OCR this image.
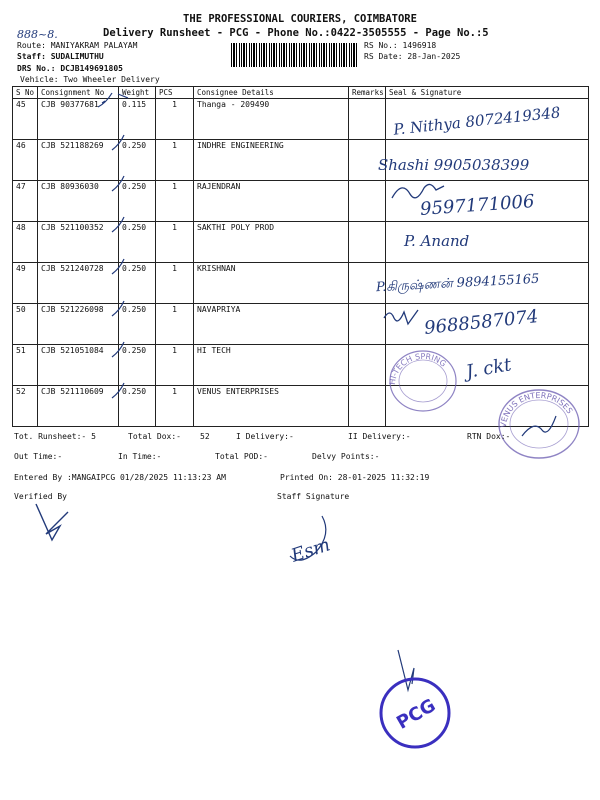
THE PROFESSIONAL COURIERS, COIMBATORE
888~8.	Delivery Runsheet - PCG - Phone No.:0422-3505555 - Page No.:5
Route: MANIYAKRAM PALAYAM
Staff: SUDALIMUTHU
DRS No.: DCJB149691805
Vehicle: Two Wheeler Delivery
RS No.: 1496918
RS Date: 28-Jan-2025
S No	Consignment No	Weight	PCS	Consignee Details	Remarks	Seal & Signature
45	CJB 90377681	0.115	1	Thanga - 209490		
46	CJB 521188269	0.250	1	INDHRE ENGINEERING		
47	CJB 80936030	0.250	1	RAJENDRAN		
48	CJB 521100352	0.250	1	SAKTHI POLY PROD		
49	CJB 521240728	0.250	1	KRISHNAN		
50	CJB 521226098	0.250	1	NAVAPRIYA		
51	CJB 521051084	0.250	1	HI TECH		
52	CJB 521110609	0.250	1	VENUS ENTERPRISES		
P. Nithya 8072419348
Shashi 9905038399
9597171006
P. Anand
P.கிருஷ்ணன் 9894155165
9688587074
J. ckt
HI-TECH SPRING
VENUS ENTERPRISES
Tot. Runsheet:- 5	Total Dox:- 52	I Delivery:-	II Delivery:-	RTN Dox:-
Out Time:-	In Time:-	Total POD:-	Delvy Points:-
Entered By :MANGAIPCG 01/28/2025 11:13:23 AM	Printed On: 28-01-2025 11:32:19
Verified By	Staff Signature
Esm
PCG
